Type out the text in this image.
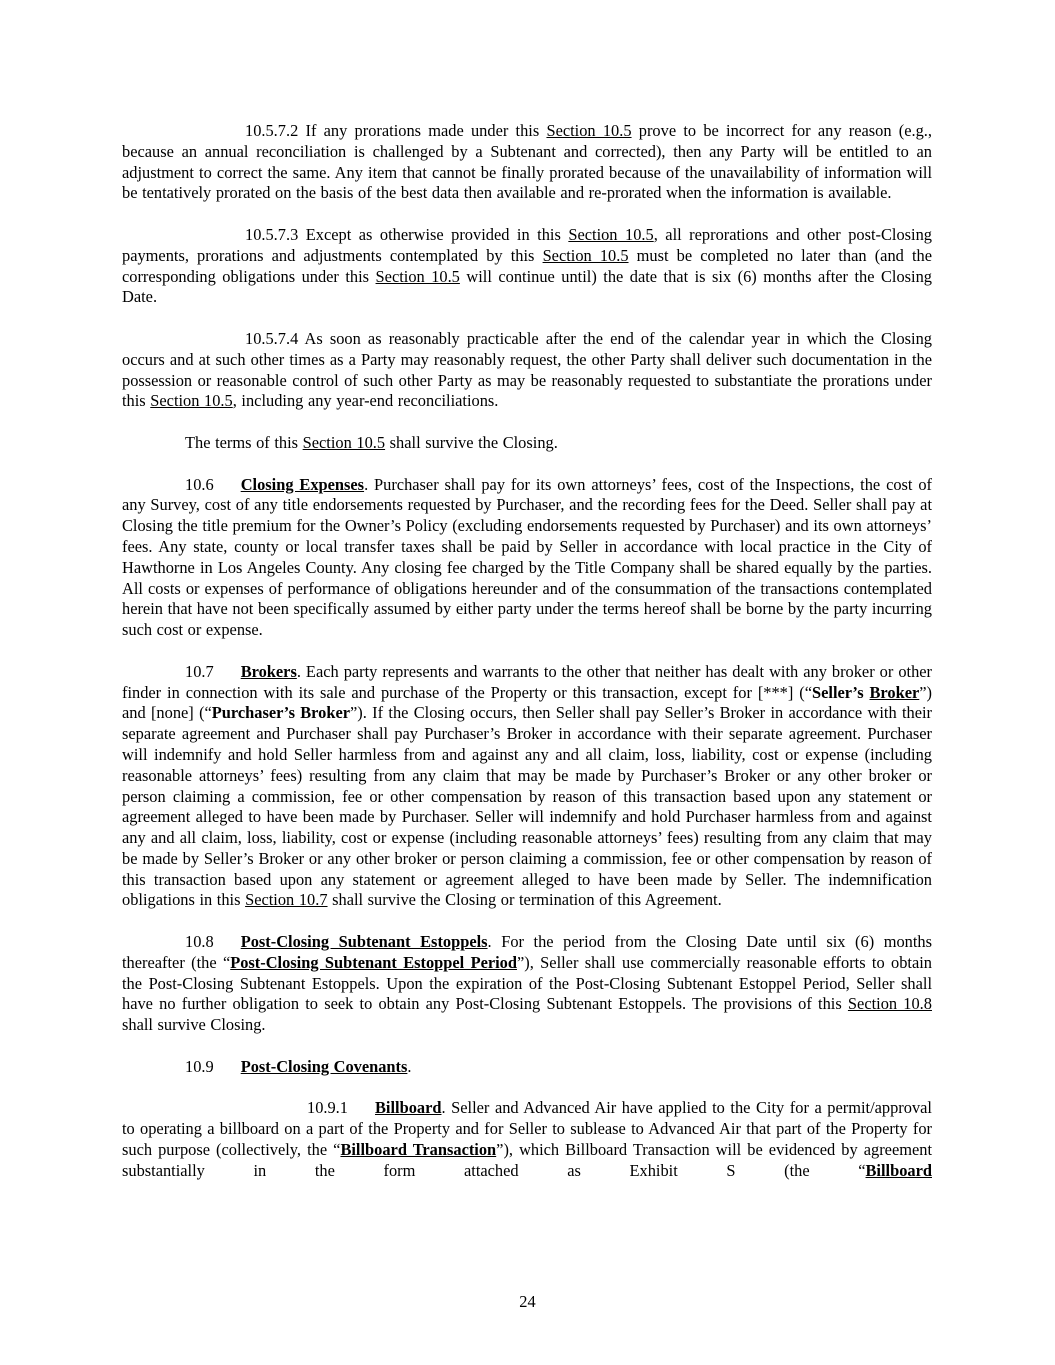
10.5.7.2 If any prorations made under this Section 10.5 prove to be incorrect for any reason (e.g., because an annual reconciliation is challenged by a Subtenant and corrected), then any Party will be entitled to an adjustment to correct the same. Any item that cannot be finally prorated because of the unavailability of information will be tentatively prorated on the basis of the best data then available and re-prorated when the information is available.

10.5.7.3 Except as otherwise provided in this Section 10.5, all reprorations and other post-Closing payments, prorations and adjustments contemplated by this Section 10.5 must be completed no later than (and the corresponding obligations under this Section 10.5 will continue until) the date that is six (6) months after the Closing Date.

10.5.7.4 As soon as reasonably practicable after the end of the calendar year in which the Closing occurs and at such other times as a Party may reasonably request, the other Party shall deliver such documentation in the possession or reasonable control of such other Party as may be reasonably requested to substantiate the prorations under this Section 10.5, including any year-end reconciliations.

The terms of this Section 10.5 shall survive the Closing.

10.6 Closing Expenses. Purchaser shall pay for its own attorneys’ fees, cost of the Inspections, the cost of any Survey, cost of any title endorsements requested by Purchaser, and the recording fees for the Deed. Seller shall pay at Closing the title premium for the Owner’s Policy (excluding endorsements requested by Purchaser) and its own attorneys’ fees. Any state, county or local transfer taxes shall be paid by Seller in accordance with local practice in the City of Hawthorne in Los Angeles County. Any closing fee charged by the Title Company shall be shared equally by the parties. All costs or expenses of performance of obligations hereunder and of the consummation of the transactions contemplated herein that have not been specifically assumed by either party under the terms hereof shall be borne by the party incurring such cost or expense.

10.7 Brokers. Each party represents and warrants to the other that neither has dealt with any broker or other finder in connection with its sale and purchase of the Property or this transaction, except for [***] (“Seller’s Broker”) and [none] (“Purchaser’s Broker”). If the Closing occurs, then Seller shall pay Seller’s Broker in accordance with their separate agreement and Purchaser shall pay Purchaser’s Broker in accordance with their separate agreement. Purchaser will indemnify and hold Seller harmless from and against any and all claim, loss, liability, cost or expense (including reasonable attorneys’ fees) resulting from any claim that may be made by Purchaser’s Broker or any other broker or person claiming a commission, fee or other compensation by reason of this transaction based upon any statement or agreement alleged to have been made by Purchaser. Seller will indemnify and hold Purchaser harmless from and against any and all claim, loss, liability, cost or expense (including reasonable attorneys’ fees) resulting from any claim that may be made by Seller’s Broker or any other broker or person claiming a commission, fee or other compensation by reason of this transaction based upon any statement or agreement alleged to have been made by Seller. The indemnification obligations in this Section 10.7 shall survive the Closing or termination of this Agreement.

10.8 Post-Closing Subtenant Estoppels. For the period from the Closing Date until six (6) months thereafter (the “Post-Closing Subtenant Estoppel Period”), Seller shall use commercially reasonable efforts to obtain the Post-Closing Subtenant Estoppels. Upon the expiration of the Post-Closing Subtenant Estoppel Period, Seller shall have no further obligation to seek to obtain any Post-Closing Subtenant Estoppels. The provisions of this Section 10.8 shall survive Closing.

10.9 Post-Closing Covenants.

10.9.1 Billboard. Seller and Advanced Air have applied to the City for a permit/approval to operating a billboard on a part of the Property and for Seller to sublease to Advanced Air that part of the Property for such purpose (collectively, the “Billboard Transaction”), which Billboard Transaction will be evidenced by agreement substantially in the form attached as Exhibit S (the “Billboard

24
